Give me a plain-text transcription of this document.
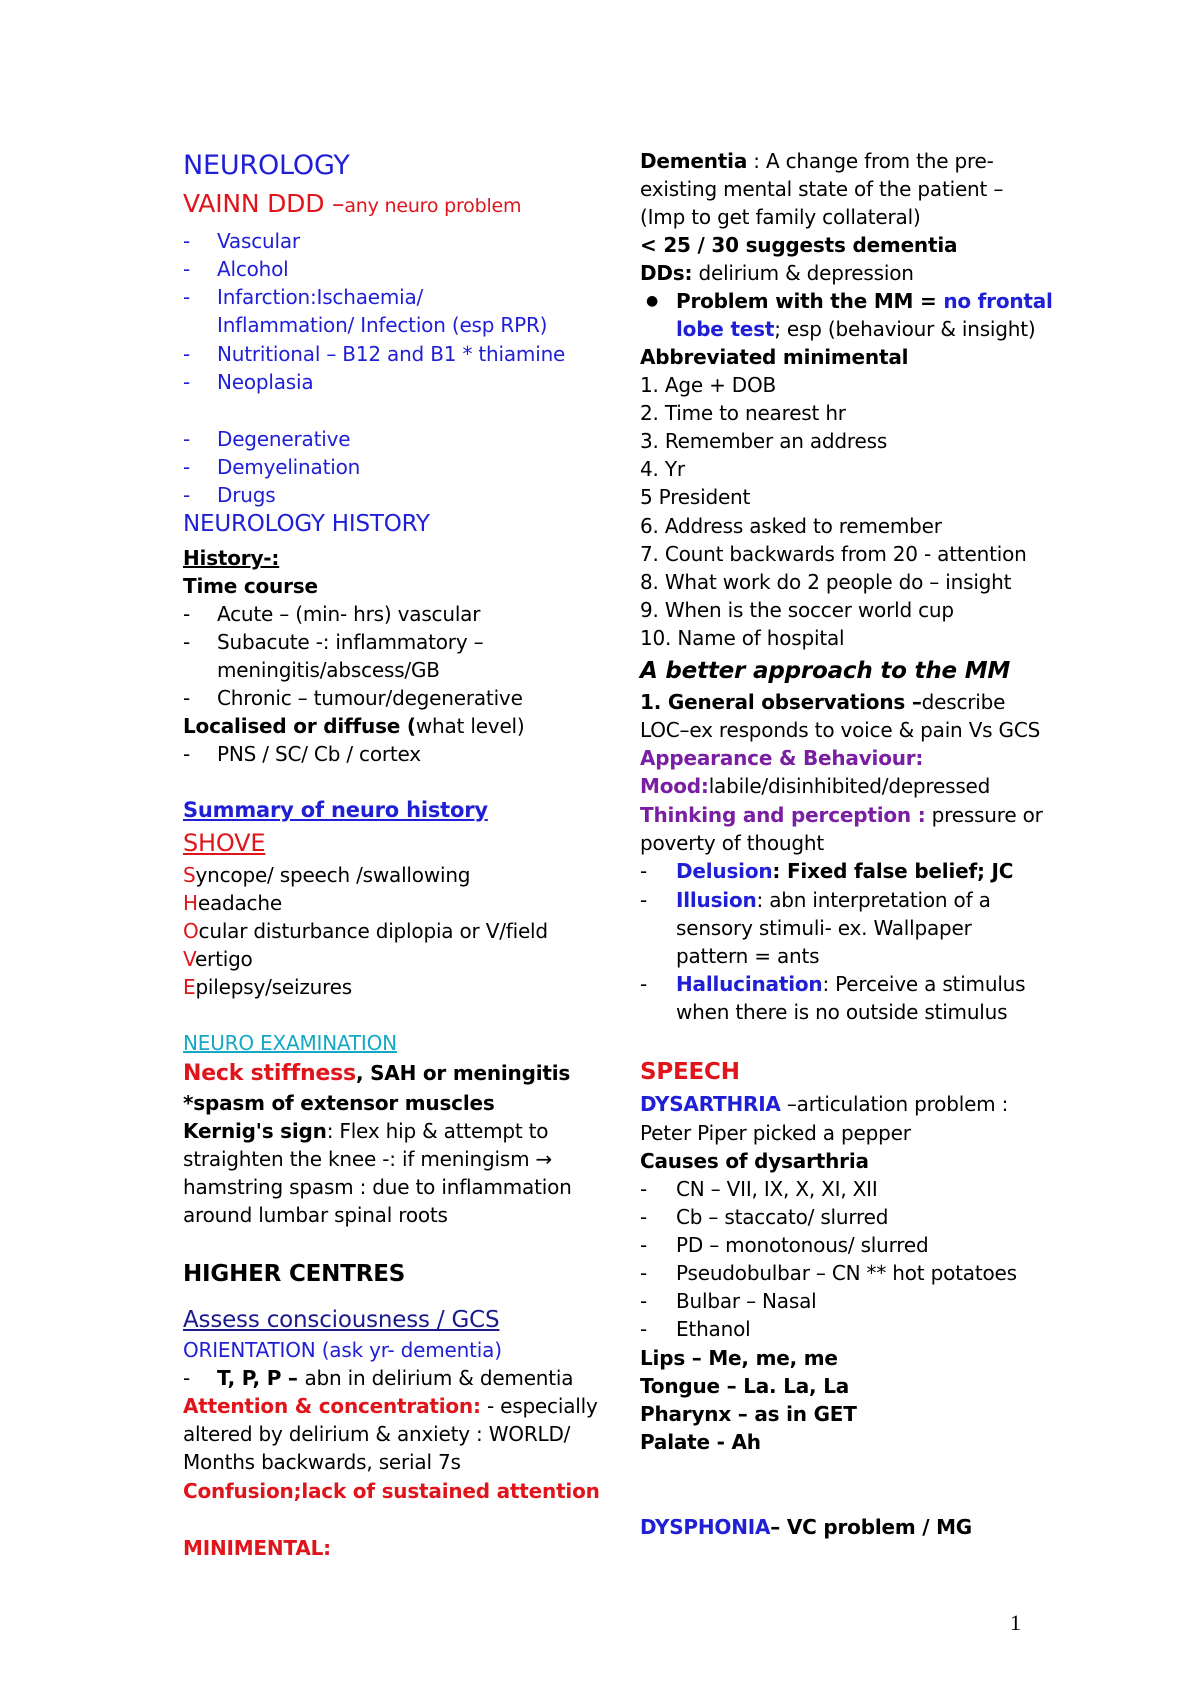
NEUROLOGY
VAINN DDD –any neuro problem
- Vascular
- Alcohol
- Infarction:Ischaemia/
Inflammation/ Infection (esp RPR)
- Nutritional – B12 and B1 * thiamine
- Neoplasia
- Degenerative
- Demyelination
- Drugs
NEUROLOGY HISTORY
History-:
Time course
- Acute – (min- hrs) vascular
- Subacute -: inflammatory –
meningitis/abscess/GB
- Chronic – tumour/degenerative
Localised or diffuse (what level)
- PNS / SC/ Cb / cortex
Summary of neuro history
SHOVE
Syncope/ speech /swallowing
Headache
Ocular disturbance diplopia or V/field
Vertigo
Epilepsy/seizures
NEURO EXAMINATION
Neck stiffness, SAH or meningitis
*spasm of extensor muscles
Kernig's sign: Flex hip & attempt to
straighten the knee -: if meningism →
hamstring spasm : due to inflammation
around lumbar spinal roots
HIGHER CENTRES
Assess consciousness / GCS
ORIENTATION (ask yr- dementia)
- T, P, P – abn in delirium & dementia
Attention & concentration: - especially
altered by delirium & anxiety : WORLD/
Months backwards, serial 7s
Confusion;lack of sustained attention
MINIMENTAL:
Dementia : A change from the pre-
existing mental state of the patient –
(Imp to get family collateral)
< 25 / 30 suggests dementia
DDs: delirium & depression
● Problem with the MM = no frontal
lobe test; esp (behaviour & insight)
Abbreviated minimental
1. Age + DOB
2. Time to nearest hr
3. Remember an address
4. Yr
5 President
6. Address asked to remember
7. Count backwards from 20 - attention
8. What work do 2 people do – insight
9. When is the soccer world cup
10. Name of hospital
A better approach to the MM
1. General observations –describe
LOC–ex responds to voice & pain Vs GCS
Appearance & Behaviour:
Mood:labile/disinhibited/depressed
Thinking and perception : pressure or
poverty of thought
- Delusion: Fixed false belief; JC
- Illusion: abn interpretation of a
sensory stimuli- ex. Wallpaper
pattern = ants
- Hallucination: Perceive a stimulus
when there is no outside stimulus
SPEECH
DYSARTHRIA –articulation problem :
Peter Piper picked a pepper
Causes of dysarthria
- CN – VII, IX, X, XI, XII
- Cb – staccato/ slurred
- PD – monotonous/ slurred
- Pseudobulbar – CN ** hot potatoes
- Bulbar – Nasal
- Ethanol
Lips – Me, me, me
Tongue – La. La, La
Pharynx – as in GET
Palate - Ah
DYSPHONIA– VC problem / MG
1
